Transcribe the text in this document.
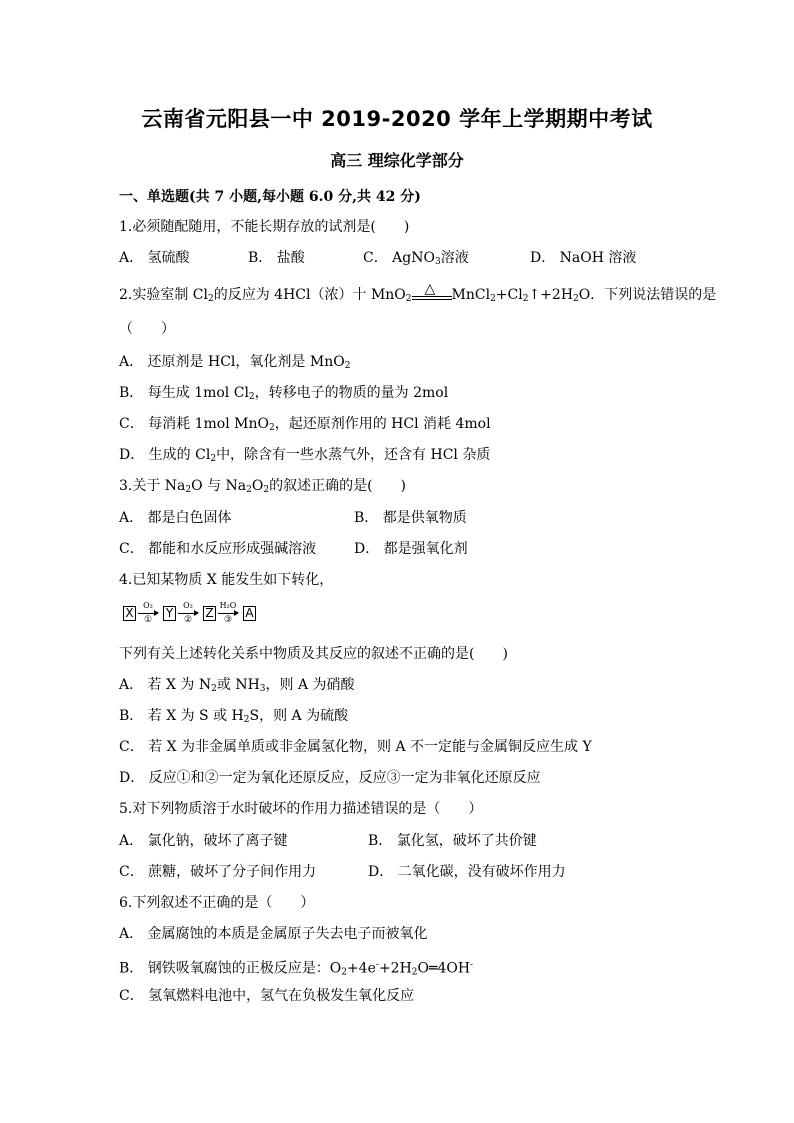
云南省元阳县一中 2019-2020 学年上学期期中考试
高三 理综化学部分
一、单选题(共 7 小题,每小题 6.0 分,共 42 分)
1.必须随配随用，不能长期存放的试剂是(　　)
A． 氢硫酸	B． 盐酸	C． AgNO$_3$溶液	D． NaOH 溶液
2.实验室制 $Cl_2$的反应为 4HCl（浓）十 MnO$_2$
△ $MnCl_2+Cl_2↑+2H_2O$．下列说法错误的是
（　　）
A． 还原剂是 HCl，氧化剂是 MnO$_2$
B． 每生成 1mol $Cl_2$，转移电子的物质的量为 2mol
C． 每消耗 1mol MnO$_2$，起还原剂作用的 HCl 消耗 4mol
D． 生成的 $Cl_2$中，除含有一些水蒸气外，还含有 HCl 杂质
3.关于 $Na_2O$ 与 $Na_2O_2$的叙述正确的是(　　)
A． 都是白色固体	B． 都是供氧物质
C． 都能和水反应形成强碱溶液	D． 都是强氧化剂
4.已知某物质 X 能发生如下转化，
X
O₂
① Y
O₂
② Z
H₂O
③ A
下列有关上述转化关系中物质及其反应的叙述不正确的是(　　)
A． 若 X 为 $N_2$或 $NH_3$，则 A 为硝酸
B． 若 X 为 S 或 $H_2S$，则 A 为硫酸
C． 若 X 为非金属单质或非金属氢化物，则 A 不一定能与金属铜反应生成 Y
D． 反应①和②一定为氧化还原反应，反应③一定为非氧化还原反应
5.对下列物质溶于水时破坏的作用力描述错误的是（　　）
A． 氯化钠，破坏了离子键	B． 氯化氢，破坏了共价键
C． 蔗糖，破坏了分子间作用力	D． 二氧化碳，没有破坏作用力
6.下列叙述不正确的是（　　）
A． 金属腐蚀的本质是金属原子失去电子而被氧化
B． 钢铁吸氧腐蚀的正极反应是：$O_2+4e^-+2H_2O═4OH^-$
C． 氢氧燃料电池中，氢气在负极发生氧化反应
